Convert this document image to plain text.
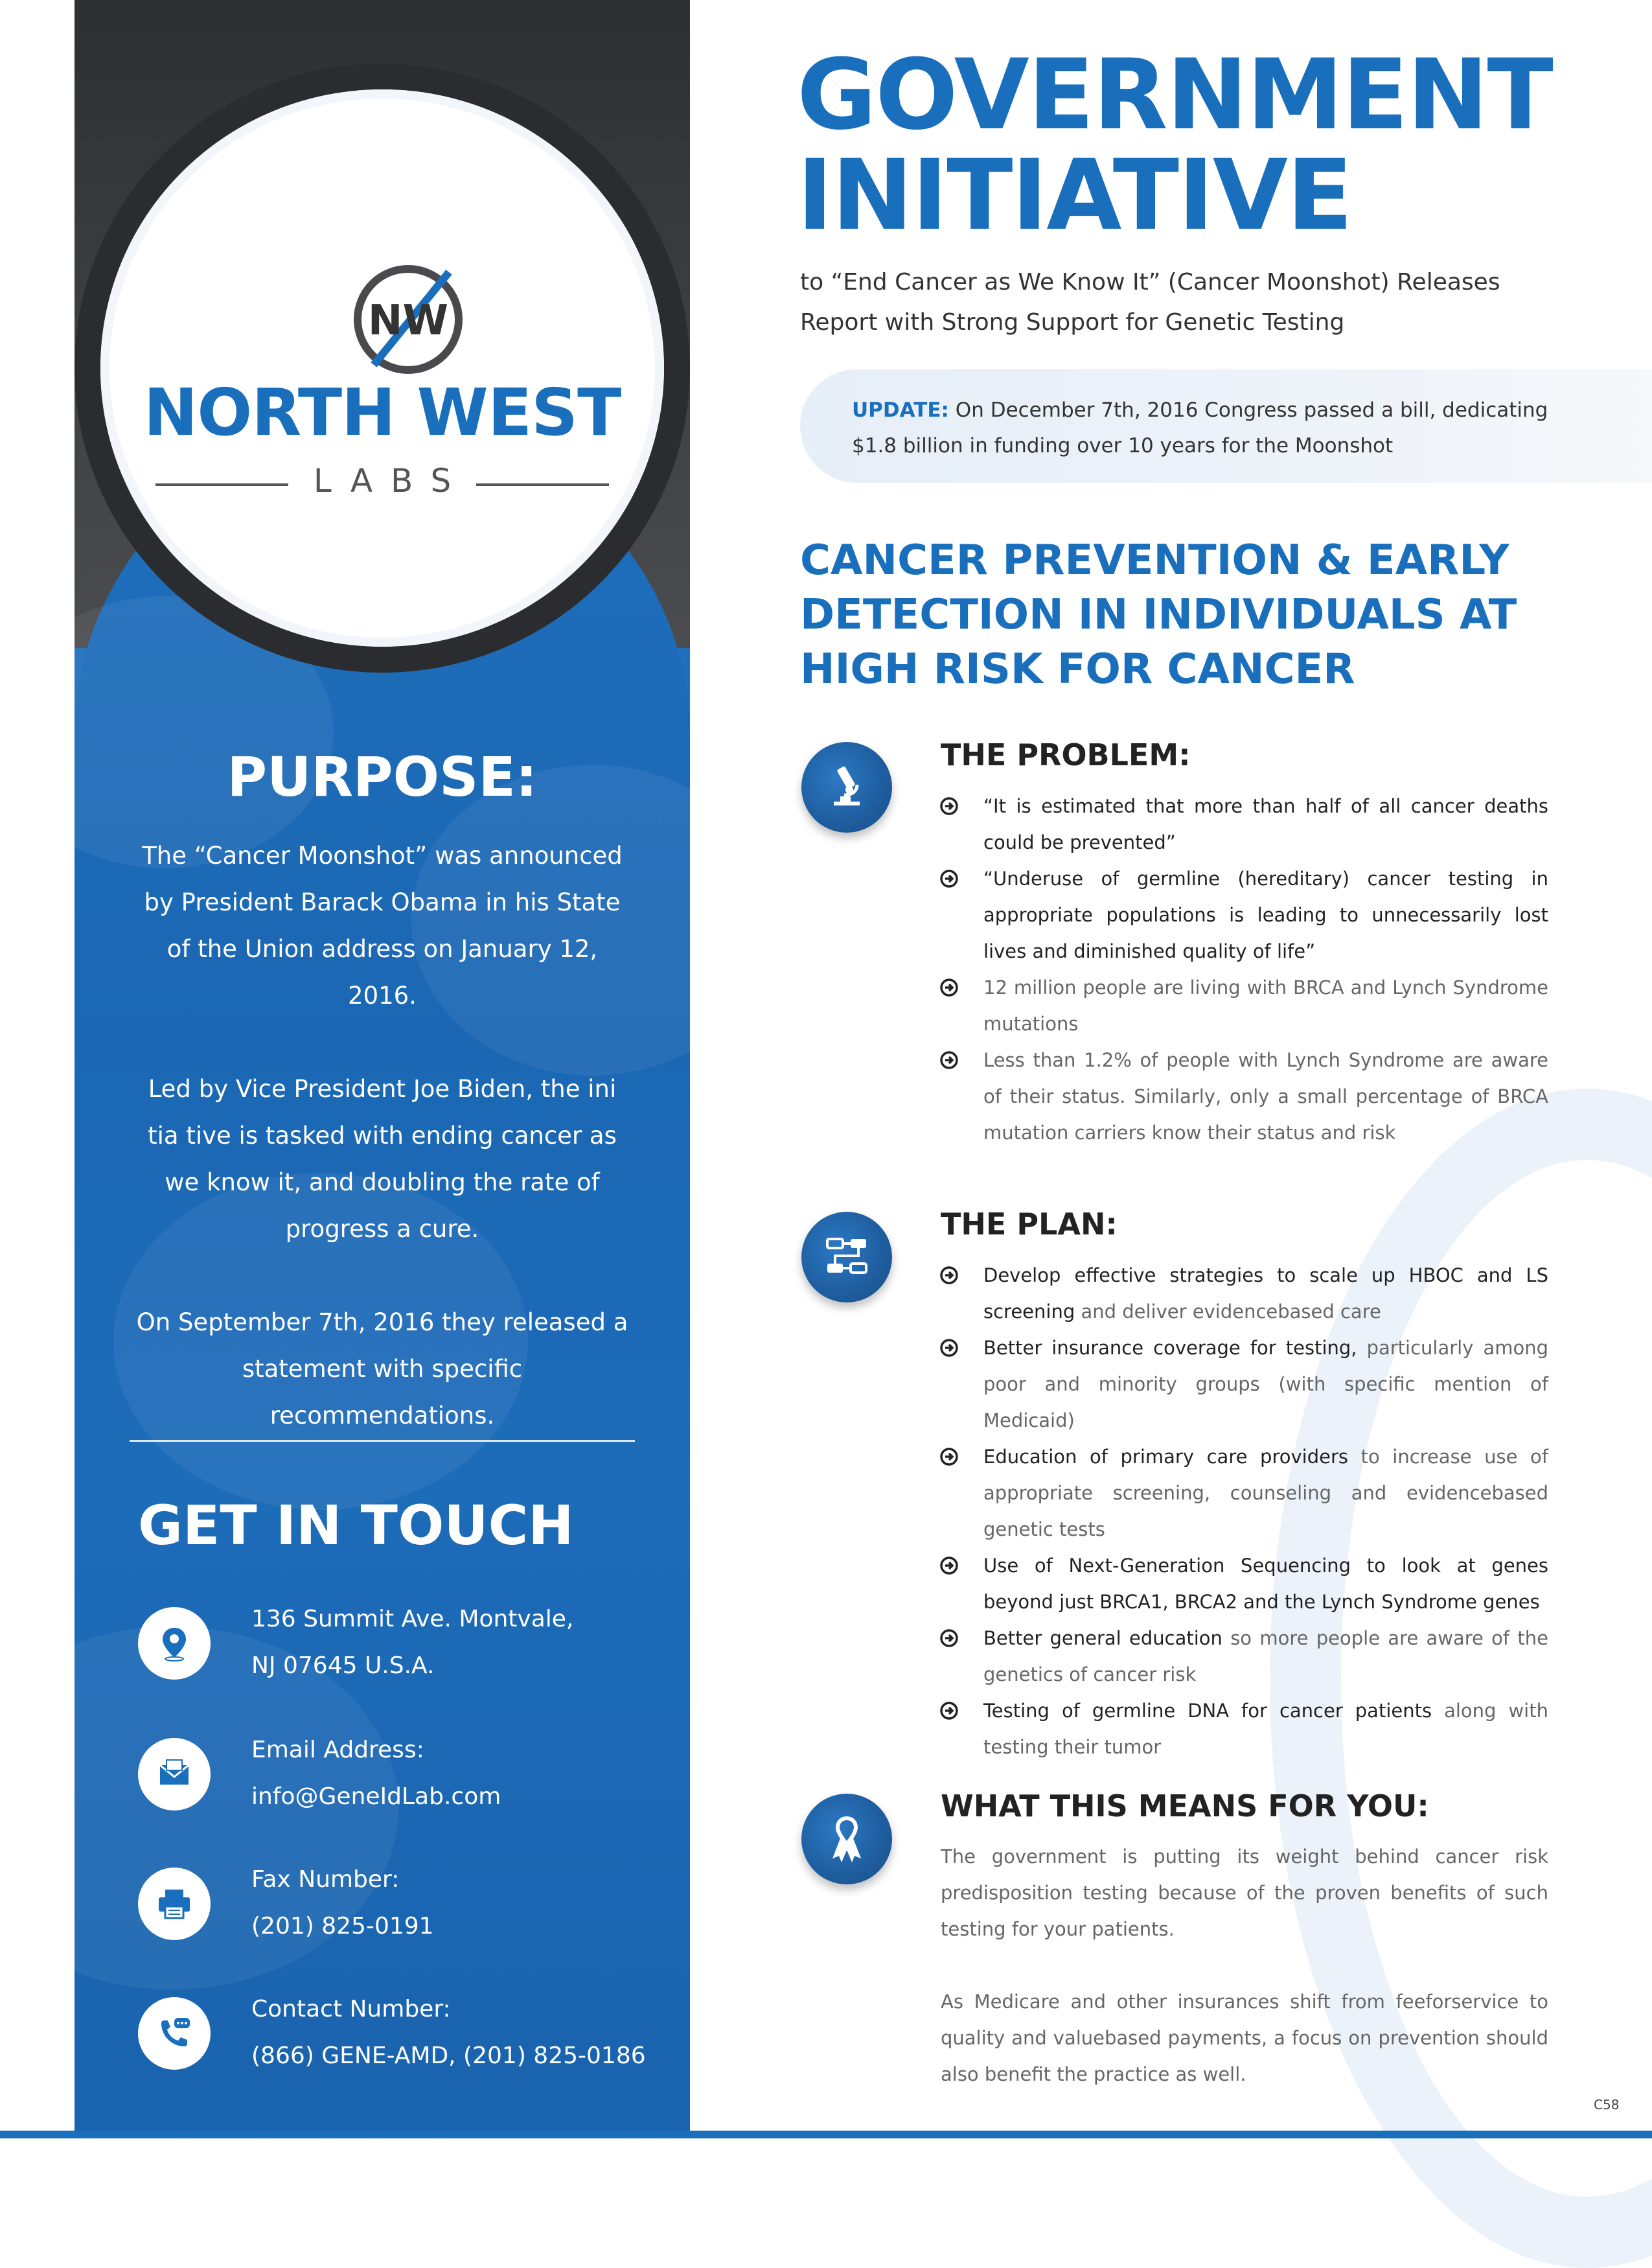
NW
NORTH WEST
LABS
PURPOSE:

The “Cancer Moonshot” was announced by President Barack Obama in his State of the Union address on January 12, 2016.

Led by Vice President Joe Biden, the ini tia tive is tasked with ending cancer as we know it, and doubling the rate of progress a cure.

On September 7th, 2016 they released a statement with specific recommendations.

GET IN TOUCH
136 Summit Ave. Montvale,
NJ 07645 U.S.A.
Email Address:
info@GeneIdLab.com
Fax Number:
(201) 825-0191
Contact Number:
(866) GENE-AMD, (201) 825-0186
GOVERNMENT
INITIATIVE
to “End Cancer as We Know It” (Cancer Moonshot) Releases Report with Strong Support for Genetic Testing
UPDATE: On December 7th, 2016 Congress passed a bill, dedicating $1.8 billion in funding over 10 years for the Moonshot
CANCER PREVENTION & EARLY DETECTION IN INDIVIDUALS AT HIGH RISK FOR CANCER
THE PROBLEM:
“It is estimated that more than half of all cancer deaths could be prevented”
“Underuse of germline (hereditary) cancer testing in appropriate populations is leading to unnecessarily lost lives and diminished quality of life”
12 million people are living with BRCA and Lynch Syndrome mutations
Less than 1.2% of people with Lynch Syndrome are aware of their status. Similarly, only a small percentage of BRCA mutation carriers know their status and risk
THE PLAN:
Develop effective strategies to scale up HBOC and LS screening and deliver evidencebased care
Better insurance coverage for testing, particularly among poor and minority groups (with specific mention of Medicaid)
Education of primary care providers to increase use of appropriate screening, counseling and evidencebased genetic tests
Use of Next-Generation Sequencing to look at genes beyond just BRCA1, BRCA2 and the Lynch Syndrome genes
Better general education so more people are aware of the genetics of cancer risk
Testing of germline DNA for cancer patients along with testing their tumor
WHAT THIS MEANS FOR YOU:

The government is putting its weight behind cancer risk predisposition testing because of the proven benefits of such testing for your patients.

As Medicare and other insurances shift from feeforservice to quality and valuebased payments, a focus on prevention should also benefit the practice as well.

C58
